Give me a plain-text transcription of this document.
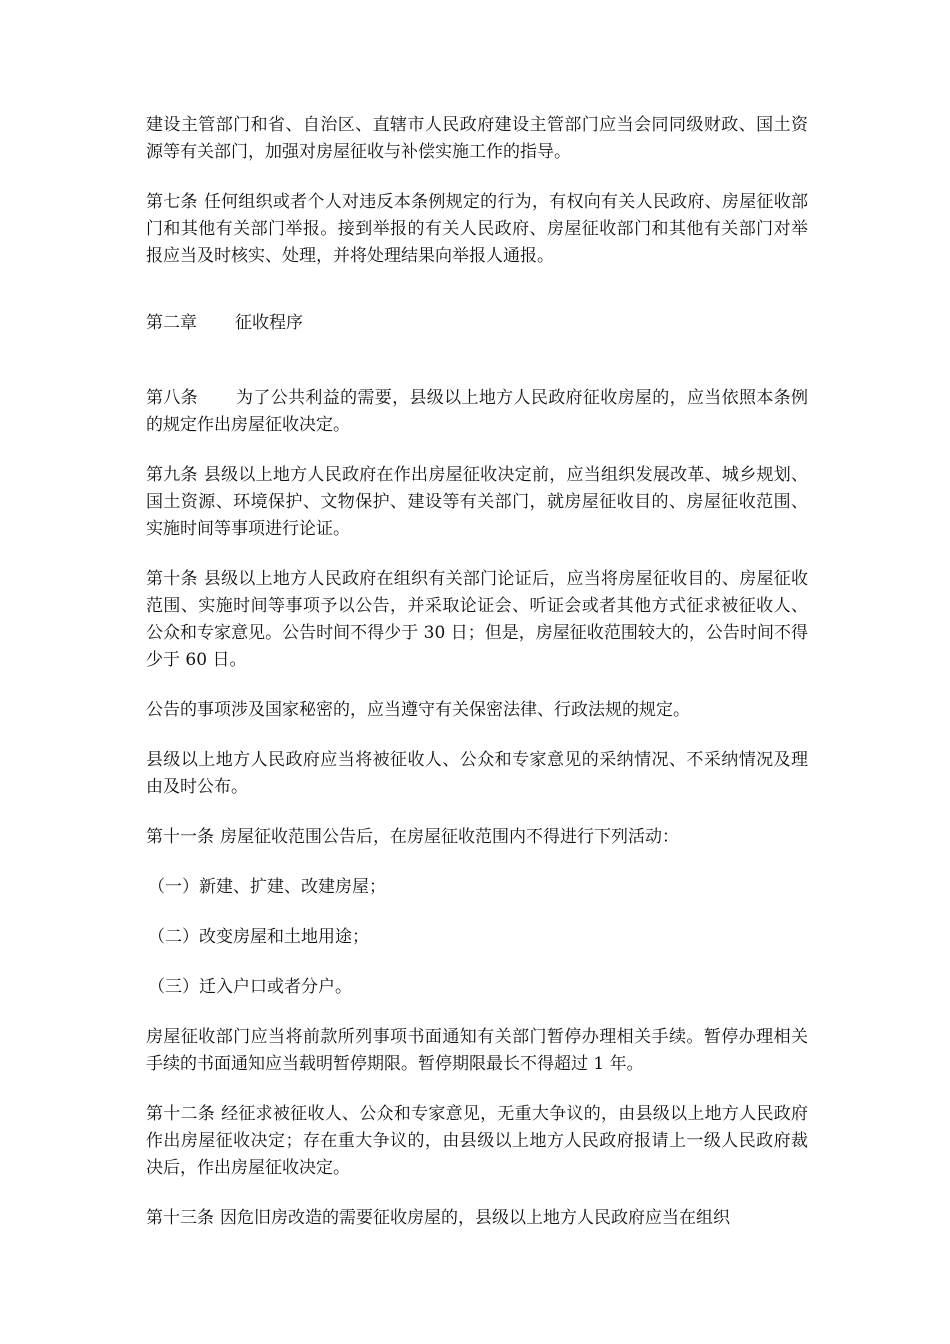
建设主管部门和省、自治区、直辖市人民政府建设主管部门应当会同同级财政、国土资源等有关部门，加强对房屋征收与补偿实施工作的指导。

第七条 任何组织或者个人对违反本条例规定的行为，有权向有关人民政府、房屋征收部门和其他有关部门举报。接到举报的有关人民政府、房屋征收部门和其他有关部门对举报应当及时核实、处理，并将处理结果向举报人通报。

第二章 征收程序

第八条 为了公共利益的需要，县级以上地方人民政府征收房屋的，应当依照本条例的规定作出房屋征收决定。

第九条 县级以上地方人民政府在作出房屋征收决定前，应当组织发展改革、城乡规划、国土资源、环境保护、文物保护、建设等有关部门，就房屋征收目的、房屋征收范围、实施时间等事项进行论证。

第十条 县级以上地方人民政府在组织有关部门论证后，应当将房屋征收目的、房屋征收范围、实施时间等事项予以公告，并采取论证会、听证会或者其他方式征求被征收人、公众和专家意见。公告时间不得少于 30 日；但是，房屋征收范围较大的，公告时间不得少于 60 日。

公告的事项涉及国家秘密的，应当遵守有关保密法律、行政法规的规定。

县级以上地方人民政府应当将被征收人、公众和专家意见的采纳情况、不采纳情况及理由及时公布。

第十一条 房屋征收范围公告后，在房屋征收范围内不得进行下列活动：

（一）新建、扩建、改建房屋；

（二）改变房屋和土地用途；

（三）迁入户口或者分户。

房屋征收部门应当将前款所列事项书面通知有关部门暂停办理相关手续。暂停办理相关手续的书面通知应当载明暂停期限。暂停期限最长不得超过 1 年。

第十二条 经征求被征收人、公众和专家意见，无重大争议的，由县级以上地方人民政府作出房屋征收决定；存在重大争议的，由县级以上地方人民政府报请上一级人民政府裁决后，作出房屋征收决定。

第十三条 因危旧房改造的需要征收房屋的，县级以上地方人民政府应当在组织
